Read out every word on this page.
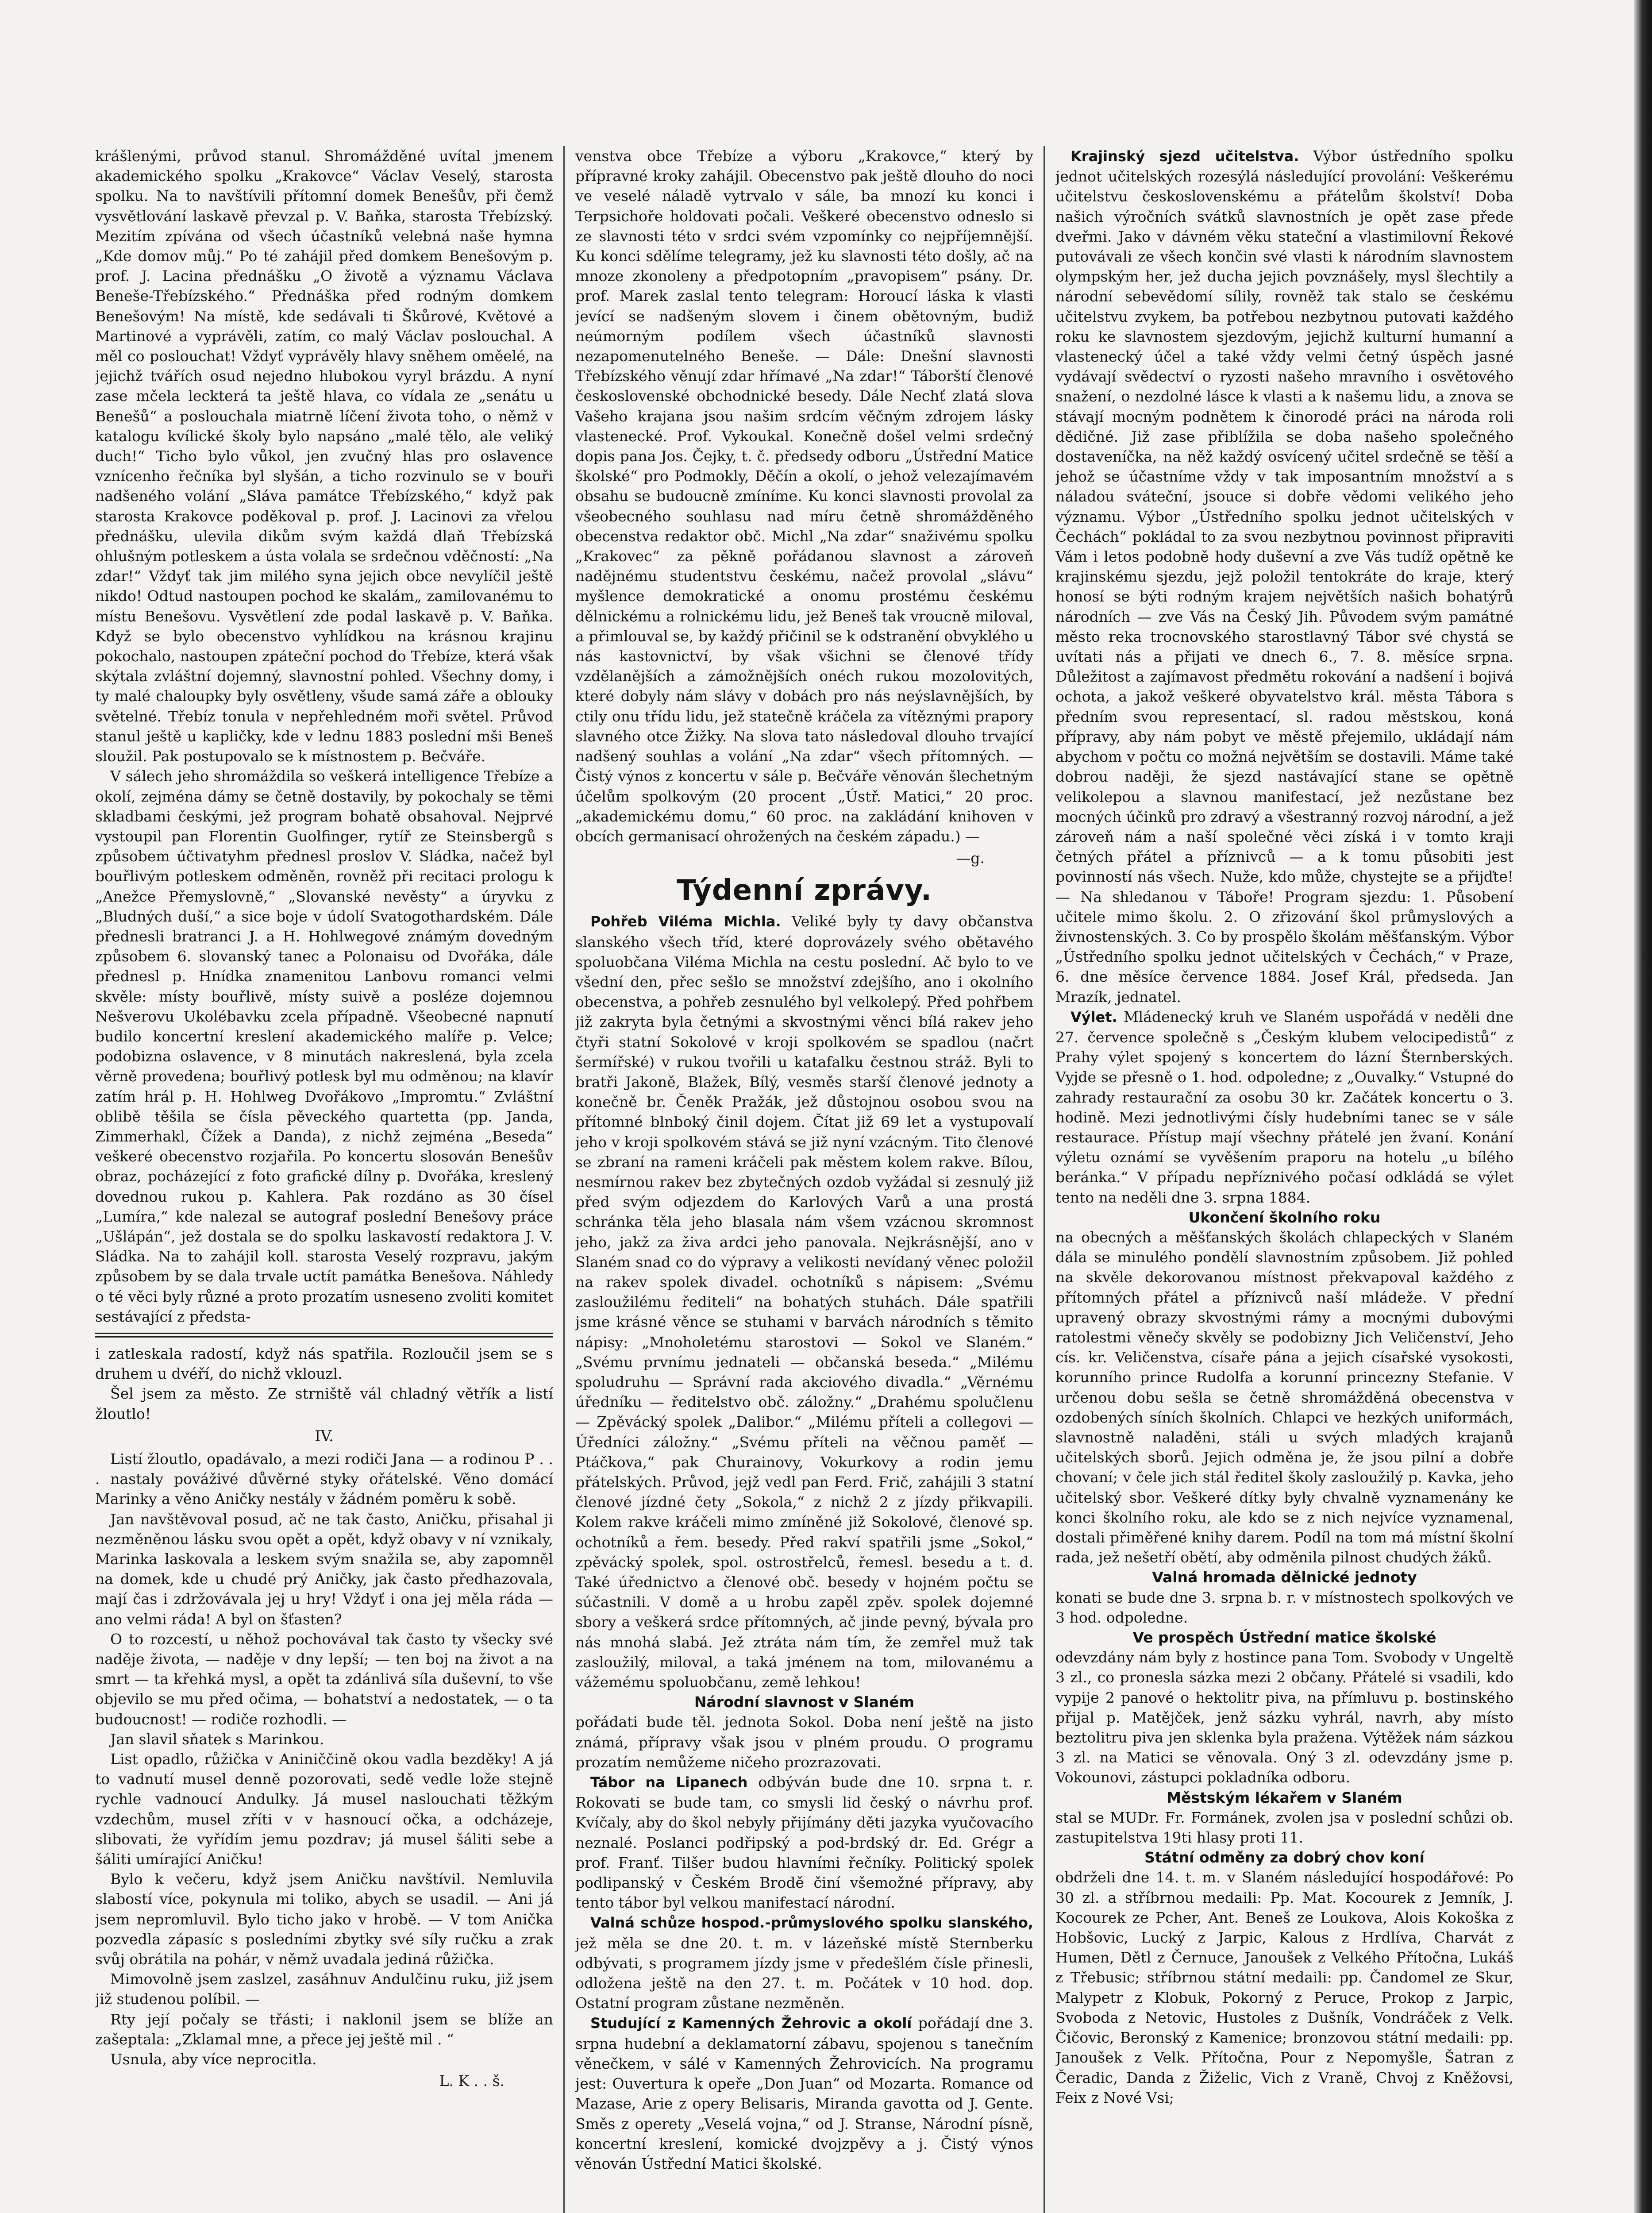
krášlenými, průvod stanul. Shromážděné uvítal jmenem akademického spolku „Krakovce“ Václav Veselý, starosta spolku. Na to navštívili přítomní domek Benešův, při čemž vysvětlování laskavě převzal p. V. Baňka, starosta Třebízský. Mezitím zpívána od všech účastníků velebná naše hymna „Kde domov můj.“ Po té zahájil před domkem Benešovým p. prof. J. Lacina přednášku „O životě a významu Václava Beneše-Třebízského.“ Přednáška před rodným domkem Benešovým! Na místě, kde sedávali ti Škůrové, Květové a Martinové a vyprávěli, zatím, co malý Václav poslouchal. A měl co poslouchat! Vždyť vyprávěly hlavy sněhem oměelé, na jejichž tvářích osud nejedno hlubokou vyryl brázdu. A nyní zase mčela leckterá ta ještě hlava, co vídala ze „senátu u Benešů“ a poslouchala miatrně líčení života toho, o němž v katalogu kvílické školy bylo napsáno „malé tělo, ale veliký duch!“ Ticho bylo vůkol, jen zvučný hlas pro oslavence vznícenho řečníka byl slyšán, a ticho rozvinulo se v bouři nadšeného volání „Sláva památce Třebízského,“ když pak starosta Krakovce poděkoval p. prof. J. Lacinovi za vřelou přednášku, ulevila dikům svým každá dlaň Třebízská ohlušným potleskem a ústa volala se srdečnou vděčností: „Na zdar!“ Vždyť tak jim milého syna jejich obce nevylíčil ještě nikdo! Odtud nastoupen pochod ke skalám„ zamilovanému to místu Benešovu. Vysvětlení zde podal laskavě p. V. Baňka. Když se bylo obecenstvo vyhlídkou na krásnou krajinu pokochalo, nastoupen zpáteční pochod do Třebíze, která však skýtala zvláštní dojemný, slavnostní pohled. Všechny domy, i ty malé chaloupky byly osvětleny, všude samá záře a oblouky světelné. Třebíz tonula v nepřehledném moři světel. Průvod stanul ještě u kapličky, kde v lednu 1883 poslední mši Beneš sloužil. Pak postupovalo se k místnostem p. Bečváře.

V sálech jeho shromáždila so veškerá intelligence Třebíze a okolí, zejména dámy se četně dostavily, by pokochaly se těmi skladbami českými, jež program bohatě obsahoval. Nejprvé vystoupil pan Florentin Guolfinger, rytíř ze Steinsbergů s způsobem účtivatyhm přednesl proslov V. Sládka, načež byl bouřlivým potleskem odměněn, rovněž při recitaci prologu k „Anežce Přemyslovně,“ „Slovanské nevěsty“ a úryvku z „Bludných duší,“ a sice boje v údolí Svatogothardském. Dále přednesli bratranci J. a H. Hohlwegové známým dovedným způsobem 6. slovanský tanec a Polonaisu od Dvořáka, dále přednesl p. Hnídka znamenitou Lanbovu romanci velmi skvěle: místy bouřlivě, místy suivě a posléze dojemnou Nešverovu Ukolébavku zcela případně. Všeobecné napnutí budilo koncertní kreslení akademického malíře p. Velce; podobizna oslavence, v 8 minutách nakreslená, byla zcela věrně provedena; bouřlivý potlesk byl mu odměnou; na klavír zatím hrál p. H. Hohlweg Dvořákovo „Impromtu.“ Zvláštní oblibě těšila se čísla pěveckého quartetta (pp. Janda, Zimmerhakl, Čížek a Danda), z nichž zejména „Beseda“ veškeré obecenstvo rozjařila. Po koncertu slosován Benešův obraz, pocházející z foto grafické dílny p. Dvořáka, kreslený dovednou rukou p. Kahlera. Pak rozdáno as 30 čísel „Lumíra,“ kde nalezal se autograf poslední Benešovy práce „Ušlápán“, jež dostala se do spolku laskavostí redaktora J. V. Sládka. Na to zahájil koll. starosta Veselý rozpravu, jakým způsobem by se dala trvale uctít památka Benešova. Náhledy o té věci byly různé a proto prozatím usneseno zvoliti komitet sestávající z předsta-

i zatleskala radostí, když nás spatřila. Rozloučil jsem se s druhem u dvéří, do nichž vklouzl.

Šel jsem za město. Ze strniště vál chladný větřík a listí žloutlo!

IV.

Listí žloutlo, opadávalo, a mezi rodiči Jana — a rodinou P . . . nastaly pováživé důvěrné styky ořátelské. Věno domácí Marinky a věno Aničky nestály v žádném poměru k sobě.

Jan navštěvoval posud, ač ne tak často, Aničku, přisahal ji nezměněnou lásku svou opět a opět, když obavy v ní vznikaly, Marinka laskovala a leskem svým snažila se, aby zapomněl na domek, kde u chudé prý Aničky, jak často předhazovala, mají čas i zdržovávala jej u hry! Vždyť i ona jej měla ráda — ano velmi ráda! A byl on šťasten?

O to rozcestí, u něhož pochovával tak často ty všecky své naděje života, — naděje v dny lepší; — ten boj na život a na smrt — ta křehká mysl, a opět ta zdánlivá síla duševní, to vše objevilo se mu před očima, — bohatství a nedostatek, — o ta budoucnost! — rodiče rozhodli. —

Jan slavil sňatek s Marinkou.

List opadlo, růžička v Aniniččině okou vadla bezděky! A já to vadnutí musel denně pozorovati, sedě vedle lože stejně rychle vadnoucí Andulky. Já musel naslouchati těžkým vzdechům, musel zříti v v hasnoucí očka, a odcházeje, slibovati, že vyřídím jemu pozdrav; já musel šáliti sebe a šáliti umírající Aničku!

Bylo k večeru, když jsem Aničku navštívil. Nemluvila slabostí více, pokynula mi toliko, abych se usadil. — Ani já jsem nepromluvil. Bylo ticho jako v hrobě. — V tom Anička pozvedla zápasíc s posledními zbytky své síly ručku a zrak svůj obrátila na pohár, v němž uvadala jediná růžička.

Mimovolně jsem zaslzel, zasáhnuv Andulčinu ruku, již jsem již studenou políbil. —

Rty její počaly se třásti; i naklonil jsem se blíže an zašeptala: „Zklamal mne, a přece jej ještě mil . “

Usnula, aby více neprocitla.

L. K . . š.

venstva obce Třebíze a výboru „Krakovce,“ který by přípravné kroky zahájil. Obecenstvo pak ještě dlouho do noci ve veselé náladě vytrvalo v sále, ba mnozí ku konci i Terpsichoře holdovati počali. Veškeré obecenstvo odneslo si ze slavnosti této v srdci svém vzpomínky co nejpříjemnější. Ku konci sdělíme telegramy, jež ku slavnosti této došly, ač na mnoze zkonoleny a předpotopním „pravopisem“ psány. Dr. prof. Marek zaslal tento telegram: Horoucí láska k vlasti jevící se nadšeným slovem i činem obětovným, budiž neúmorným podílem všech účastníků slavnosti nezapomenutelného Beneše. — Dále: Dnešní slavnosti Třebízského věnují zdar hřímavé „Na zdar!“ Táborští členové československé obchodnické besedy. Dále Nechť zlatá slova Vašeho krajana jsou našim srdcím věčným zdrojem lásky vlastenecké. Prof. Vykoukal. Konečně došel velmi srdečný dopis pana Jos. Čejky, t. č. předsedy odboru „Ústřední Matice školské“ pro Podmokly, Děčín a okolí, o jehož velezajímavém obsahu se budoucně zmíníme. Ku konci slavnosti provolal za všeobecného souhlasu nad míru četně shromážděného obecenstva redaktor obč. Michl „Na zdar“ snaživému spolku „Krakovec“ za pěkně pořádanou slavnost a zároveň nadějnému studentstvu českému, načež provolal „slávu“ myšlence demokratické a onomu prostému českému dělnickému a rolnickému lidu, jež Beneš tak vroucně miloval, a přimlouval se, by každý přičinil se k odstranění obvyklého u nás kastovnictví, by však všichni se členové třídy vzdělanějších a zámožnějších onéch rukou mozolovitých, které dobyly nám slávy v dobách pro nás neýslavnějších, by ctily onu třídu lidu, jež statečně kráčela za vítěznými prapory slavného otce Žižky. Na slova tato následoval dlouho trvající nadšený souhlas a volání „Na zdar“ všech přítomných. — Čistý výnos z koncertu v sále p. Bečváře věnován šlechetným účelům spolkovým (20 procent „Ústř. Matici,“ 20 proc. „akademickému domu,“ 60 proc. na zakládání knihoven v obcích germanisací ohrožených na českém západu.) —

—g.
Týdenní zprávy.

Pohřeb Viléma Michla. Veliké byly ty davy občanstva slanského všech tříd, které doprovázely svého obětavého spoluobčana Viléma Michla na cestu poslední. Ač bylo to ve všední den, přec sešlo se množství zdejšího, ano i okolního obecenstva, a pohřeb zesnulého byl velkolepý. Před pohřbem již zakryta byla četnými a skvostnými věnci bílá rakev jeho čtyři statní Sokolové v kroji spolkovém se spadlou (načrt šermířské) v rukou tvořili u katafalku čestnou stráž. Byli to bratři Jakoně, Blažek, Bílý, vesměs starší členové jednoty a konečně br. Čeněk Pražák, jež důstojnou osobou svou na přítomné blnboký činil dojem. Čítat již 69 let a vystupovalí jeho v kroji spolkovém stává se již nyní vzácným. Tito členové se zbraní na rameni kráčeli pak městem kolem rakve. Bílou, nesmírnou rakev bez zbytečných ozdob vyžádal si zesnulý již před svým odjezdem do Karlových Varů a una prostá schránka těla jeho blasala nám všem vzácnou skromnost jeho, jakž za živa ardci jeho panovala. Nejkrásnější, ano v Slaném snad co do výpravy a velikosti nevídaný věnec položil na rakev spolek divadel. ochotníků s nápisem: „Svému zasloužilému řediteli“ na bohatých stuhách. Dále spatřili jsme krásné věnce se stuhami v barvách národních s těmito nápisy: „Mnoholetému starostovi — Sokol ve Slaném.“ „Svému prvnímu jednateli — občanská beseda.“ „Milému spoludruhu — Správní rada akciového divadla.“ „Věrnému úředníku — ředitelstvo obč. záložny.“ „Drahému spolučlenu — Zpěvácký spolek „Dalibor.“ „Milému příteli a collegovi — Úředníci záložny.“ „Svému příteli na věčnou paměť — Ptáčkova,“ pak Churainovy, Vokurkovy a rodin jemu přátelských. Průvod, jejž vedl pan Ferd. Frič, zahájili 3 statní členové jízdné čety „Sokola,“ z nichž 2 z jízdy přikvapili. Kolem rakve kráčeli mimo zmíněné již Sokolové, členové sp. ochotníků a řem. besedy. Před rakví spatřili jsme „Sokol,“ zpěvácký spolek, spol. ostrostřelců, řemesl. besedu a t. d. Také úřednictvo a členové obč. besedy v hojném počtu se súčastnili. V domě a u hrobu zapěl zpěv. spolek dojemné sbory a veškerá srdce přítomných, ač jinde pevný, bývala pro nás mnohá slabá. Jež ztráta nám tím, že zemřel muž tak zasloužilý, miloval, a taká jménem na tom, milovanému a vážemému spoluobčanu, země lehkou!

Národní slavnost v Slaném
pořádati bude těl. jednota Sokol. Doba není ještě na jisto známá, přípravy však jsou v plném proudu. O programu prozatím nemůžeme ničeho prozrazovati.

Tábor na Lipanech odbýván bude dne 10. srpna t. r. Rokovati se bude tam, co smysli lid český o návrhu prof. Kvíčaly, aby do škol nebyly přijímány děti jazyka vyučovacího neznalé. Poslanci podřipský a pod-brdský dr. Ed. Grégr a prof. Franť. Tilšer budou hlavními řečníky. Politický spolek podlipanský v Českém Brodě činí všemožné přípravy, aby tento tábor byl velkou manifestací národní.

Valná schůze hospod.-průmyslového spolku slanského, jež měla se dne 20. t. m. v lázeňské místě Sternberku odbývati, s programem jízdy jsme v předešlém čísle přinesli, odložena ještě na den 27. t. m. Počátek v 10 hod. dop. Ostatní program zůstane nezměněn.

Studující z Kamenných Žehrovic a okolí pořádají dne 3. srpna hudební a deklamatorní zábavu, spojenou s tanečním věnečkem, v sálé v Kamenných Žehrovicích. Na programu jest: Ouvertura k opeře „Don Juan“ od Mozarta. Romance od Mazase, Arie z opery Belisaris, Miranda gavotta od J. Gente. Směs z operety „Veselá vojna,“ od J. Stranse, Národní písně, koncertní kreslení, komické dvojzpěvy a j. Čistý výnos věnován Ústřední Matici školské.

Krajinský sjezd učitelstva. Výbor ústředního spolku jednot učitelských rozesýlá následující provolání: Veškerému učitelstvu československému a přátelům školství! Doba našich výročních svátků slavnostních je opět zase přede dveřmi. Jako v dávném věku stateční a vlastimilovní Řekové putovávali ze všech končin své vlasti k národním slavnostem olympským her, jež ducha jejich povznášely, mysl šlechtily a národní sebevědomí sílily, rovněž tak stalo se českému učitelstvu zvykem, ba potřebou nezbytnou putovati každého roku ke slavnostem sjezdovým, jejichž kulturní humanní a vlastenecký účel a také vždy velmi četný úspěch jasné vydávají svědectví o ryzosti našeho mravního i osvětového snažení, o nezdolné lásce k vlasti a k našemu lidu, a znova se stávají mocným podnětem k činorodé práci na národa roli dědičné. Již zase přiblížila se doba našeho společného dostaveníčka, na něž každý osvícený učitel srdečně se těší a jehož se účastníme vždy v tak imposantním množství a s náladou sváteční, jsouce si dobře vědomi velikého jeho významu. Výbor „Ústředního spolku jednot učitelských v Čechách“ pokládal to za svou nezbytnou povinnost připraviti Vám i letos podobně hody duševní a zve Vás tudíž opětně ke krajinskému sjezdu, jejž položil tentokráte do kraje, který honosí se býti rodným krajem největších našich bohatýrů národních — zve Vás na Český Jih. Původem svým památné město reka trocnovského starostlavný Tábor své chystá se uvítati nás a přijati ve dnech 6., 7. 8. měsíce srpna. Důležitost a zajímavost předmětu rokování a nadšení i bojivá ochota, a jakož veškeré obyvatelstvo král. města Tábora s předním svou representací, sl. radou městskou, koná přípravy, aby nám pobyt ve městě přejemilo, ukládají nám abychom v počtu co možná největším se dostavili. Máme také dobrou naději, že sjezd nastávající stane se opětně velikolepou a slavnou manifestací, jež nezůstane bez mocných účinků pro zdravý a všestranný rozvoj národní, a jež zároveň nám a naší společné věci získá i v tomto kraji četných přátel a příznivců — a k tomu působiti jest povinností nás všech. Nuže, kdo může, chystejte se a přijďte! — Na shledanou v Táboře! Program sjezdu: 1. Působení učitele mimo školu. 2. O zřizování škol průmyslových a živnostenských. 3. Co by prospělo školám měšťanským. Výbor „Ústředního spolku jednot učitelských v Čechách,“ v Praze, 6. dne měsíce července 1884. Josef Král, předseda. Jan Mrazík, jednatel.

Výlet. Mládenecký kruh ve Slaném uspořádá v neděli dne 27. července společně s „Českým klubem velocipedistů“ z Prahy výlet spojený s koncertem do lázní Šternberských. Vyjde se přesně o 1. hod. odpoledne; z „Ouvalky.“ Vstupné do zahrady restaurační za osobu 30 kr. Začátek koncertu o 3. hodině. Mezi jednotlivými čísly hudebními tanec se v sále restaurace. Přístup mají všechny přátelé jen žvaní. Konání výletu oznámí se vyvěšením praporu na hotelu „u bílého beránka.“ V případu nepříznivého počasí odkládá se výlet tento na neděli dne 3. srpna 1884.

Ukončení školního roku
na obecných a měšťanských školách chlapeckých v Slaném dála se minulého pondělí slavnostním způsobem. Již pohled na skvěle dekorovanou místnost překvapoval každého z přítomných přátel a příznivců naší mládeže. V přední upravený obrazy skvostnými rámy a mocnými dubovými ratolestmi věnečy skvěly se podobizny Jich Veličenství, Jeho cís. kr. Veličenstva, císaře pána a jejich císařské vysokosti, korunního prince Rudolfa a korunní princezny Stefanie. V určenou dobu sešla se četně shromážděná obecenstva v ozdobených síních školních. Chlapci ve hezkých uniformách, slavnostně naladěni, stáli u svých mladých krajanů učitelských sborů. Jejich odměna je, že jsou pilní a dobře chovaní; v čele jich stál ředitel školy zasloužilý p. Kavka, jeho učitelský sbor. Veškeré dítky byly chvalně vyznamenány ke konci školního roku, ale kdo se z nich nejvíce vyznamenal, dostali přiměřené knihy darem. Podíl na tom má místní školní rada, jež nešetří obětí, aby odměnila pilnost chudých žáků.

Valná hromada dělnické jednoty
konati se bude dne 3. srpna b. r. v místnostech spolkových ve 3 hod. odpoledne.

Ve prospěch Ústřední matice školské
odevzdány nám byly z hostince pana Tom. Svobody v Ungeltě 3 zl., co pronesla sázka mezi 2 občany. Přátelé si vsadili, kdo vypije 2 panové o hektolitr piva, na přímluvu p. bostinského přijal p. Matějček, jenž sázku vyhrál, navrh, aby místo beztolitru piva jen sklenka byla pražena. Výtěžek nám sázkou 3 zl. na Matici se věnovala. Oný 3 zl. odevzdány jsme p. Vokounovi, zástupci pokladníka odboru.

Městským lékařem v Slaném
stal se MUDr. Fr. Formánek, zvolen jsa v poslední schůzi ob. zastupitelstva 19ti hlasy proti 11.

Státní odměny za dobrý chov koní
obdrželi dne 14. t. m. v Slaném následující hospodářové: Po 30 zl. a stříbrnou medaili: Pp. Mat. Kocourek z Jemník, J. Kocourek ze Pcher, Ant. Beneš ze Loukova, Alois Kokoška z Hobšovic, Lucký z Jarpic, Kalous z Hrdlíva, Charvát z Humen, Dětl z Černuce, Janoušek z Velkého Přítočna, Lukáš z Třebusic; stříbrnou státní medaili: pp. Čandomel ze Skur, Malypetr z Klobuk, Pokorný z Peruce, Prokop z Jarpic, Svoboda z Netovic, Hustoles z Dušník, Vondráček z Velk. Čičovic, Beronský z Kamenice; bronzovou státní medaili: pp. Janoušek z Velk. Přítočna, Pour z Nepomyšle, Šatran z Čeradic, Danda z Žiželic, Vich z Vraně, Chvoj z Kněžovsi, Feix z Nové Vsi;
